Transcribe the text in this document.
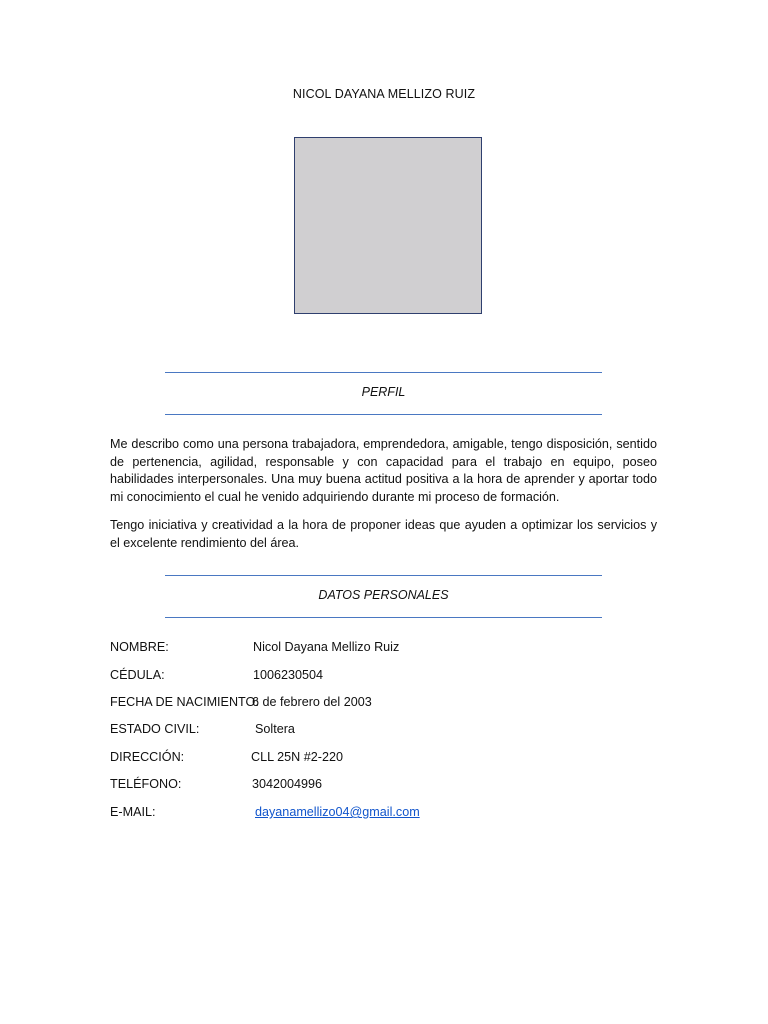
NICOL DAYANA MELLIZO RUIZ
PERFIL

Me describo como una persona trabajadora, emprendedora, amigable, tengo disposición, sentido de pertenencia, agilidad, responsable y con capacidad para el trabajo en equipo, poseo habilidades interpersonales. Una muy buena actitud positiva a la hora de aprender y aportar todo mi conocimiento el cual he venido adquiriendo durante mi proceso de formación.

Tengo iniciativa y creatividad a la hora de proponer ideas que ayuden a optimizar los servicios y el excelente rendimiento del área.

DATOS PERSONALES
NOMBRE:	Nicol Dayana Mellizo Ruiz
CÉDULA:	1006230504
FECHA DE NACIMIENTO:
6 de febrero del 2003
ESTADO CIVIL:	Soltera
DIRECCIÓN:	CLL 25N #2-220
TELÉFONO:	3042004996
E-MAIL:	dayanamellizo04@gmail.com
